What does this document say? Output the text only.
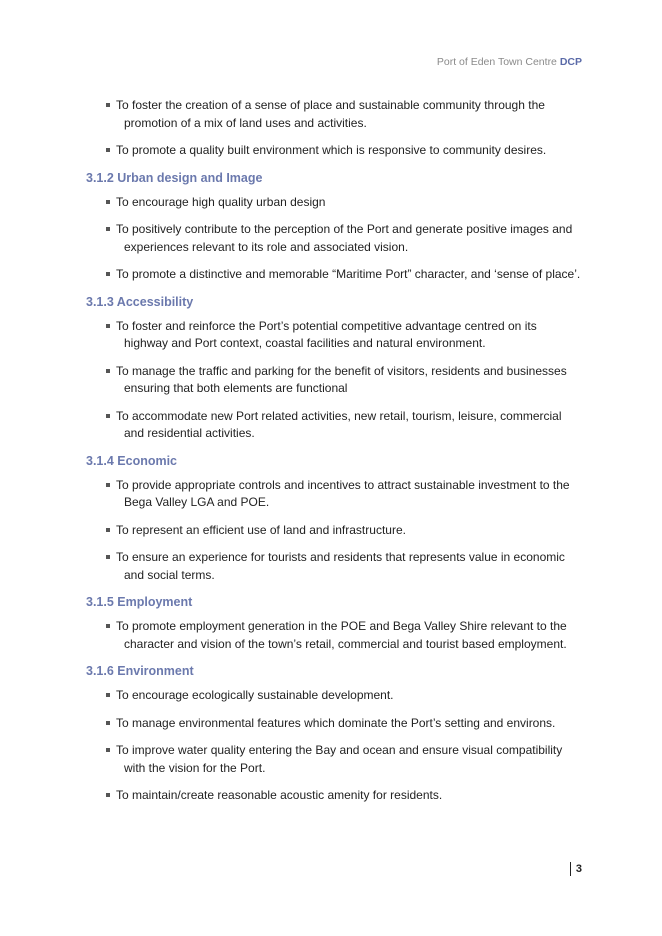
Port of Eden Town Centre DCP
To foster the creation of a sense of place and sustainable community through the promotion of a mix of land uses and activities.
To promote a quality built environment which is responsive to community desires.
3.1.2 Urban design and Image
To encourage high quality urban design
To positively contribute to the perception of the Port and generate positive images and experiences relevant to its role and associated vision.
To promote a distinctive and memorable “Maritime Port” character, and ‘sense of place’.
3.1.3 Accessibility
To foster and reinforce the Port’s potential competitive advantage centred on its highway and Port context, coastal facilities and natural environment.
To manage the traffic and parking for the benefit of visitors, residents and businesses ensuring that both elements are functional
To accommodate new Port related activities, new retail, tourism, leisure, commercial and residential activities.
3.1.4 Economic
To provide appropriate controls and incentives to attract sustainable investment to the Bega Valley LGA and POE.
To represent an efficient use of land and infrastructure.
To ensure an experience for tourists and residents that represents value in economic and social terms.
3.1.5 Employment
To promote employment generation in the POE and Bega Valley Shire relevant to the character and vision of the town’s retail, commercial and tourist based employment.
3.1.6 Environment
To encourage ecologically sustainable development.
To manage environmental features which dominate the Port’s setting and environs.
To improve water quality entering the Bay and ocean and ensure visual compatibility with the vision for the Port.
To maintain/create reasonable acoustic amenity for residents.
3
